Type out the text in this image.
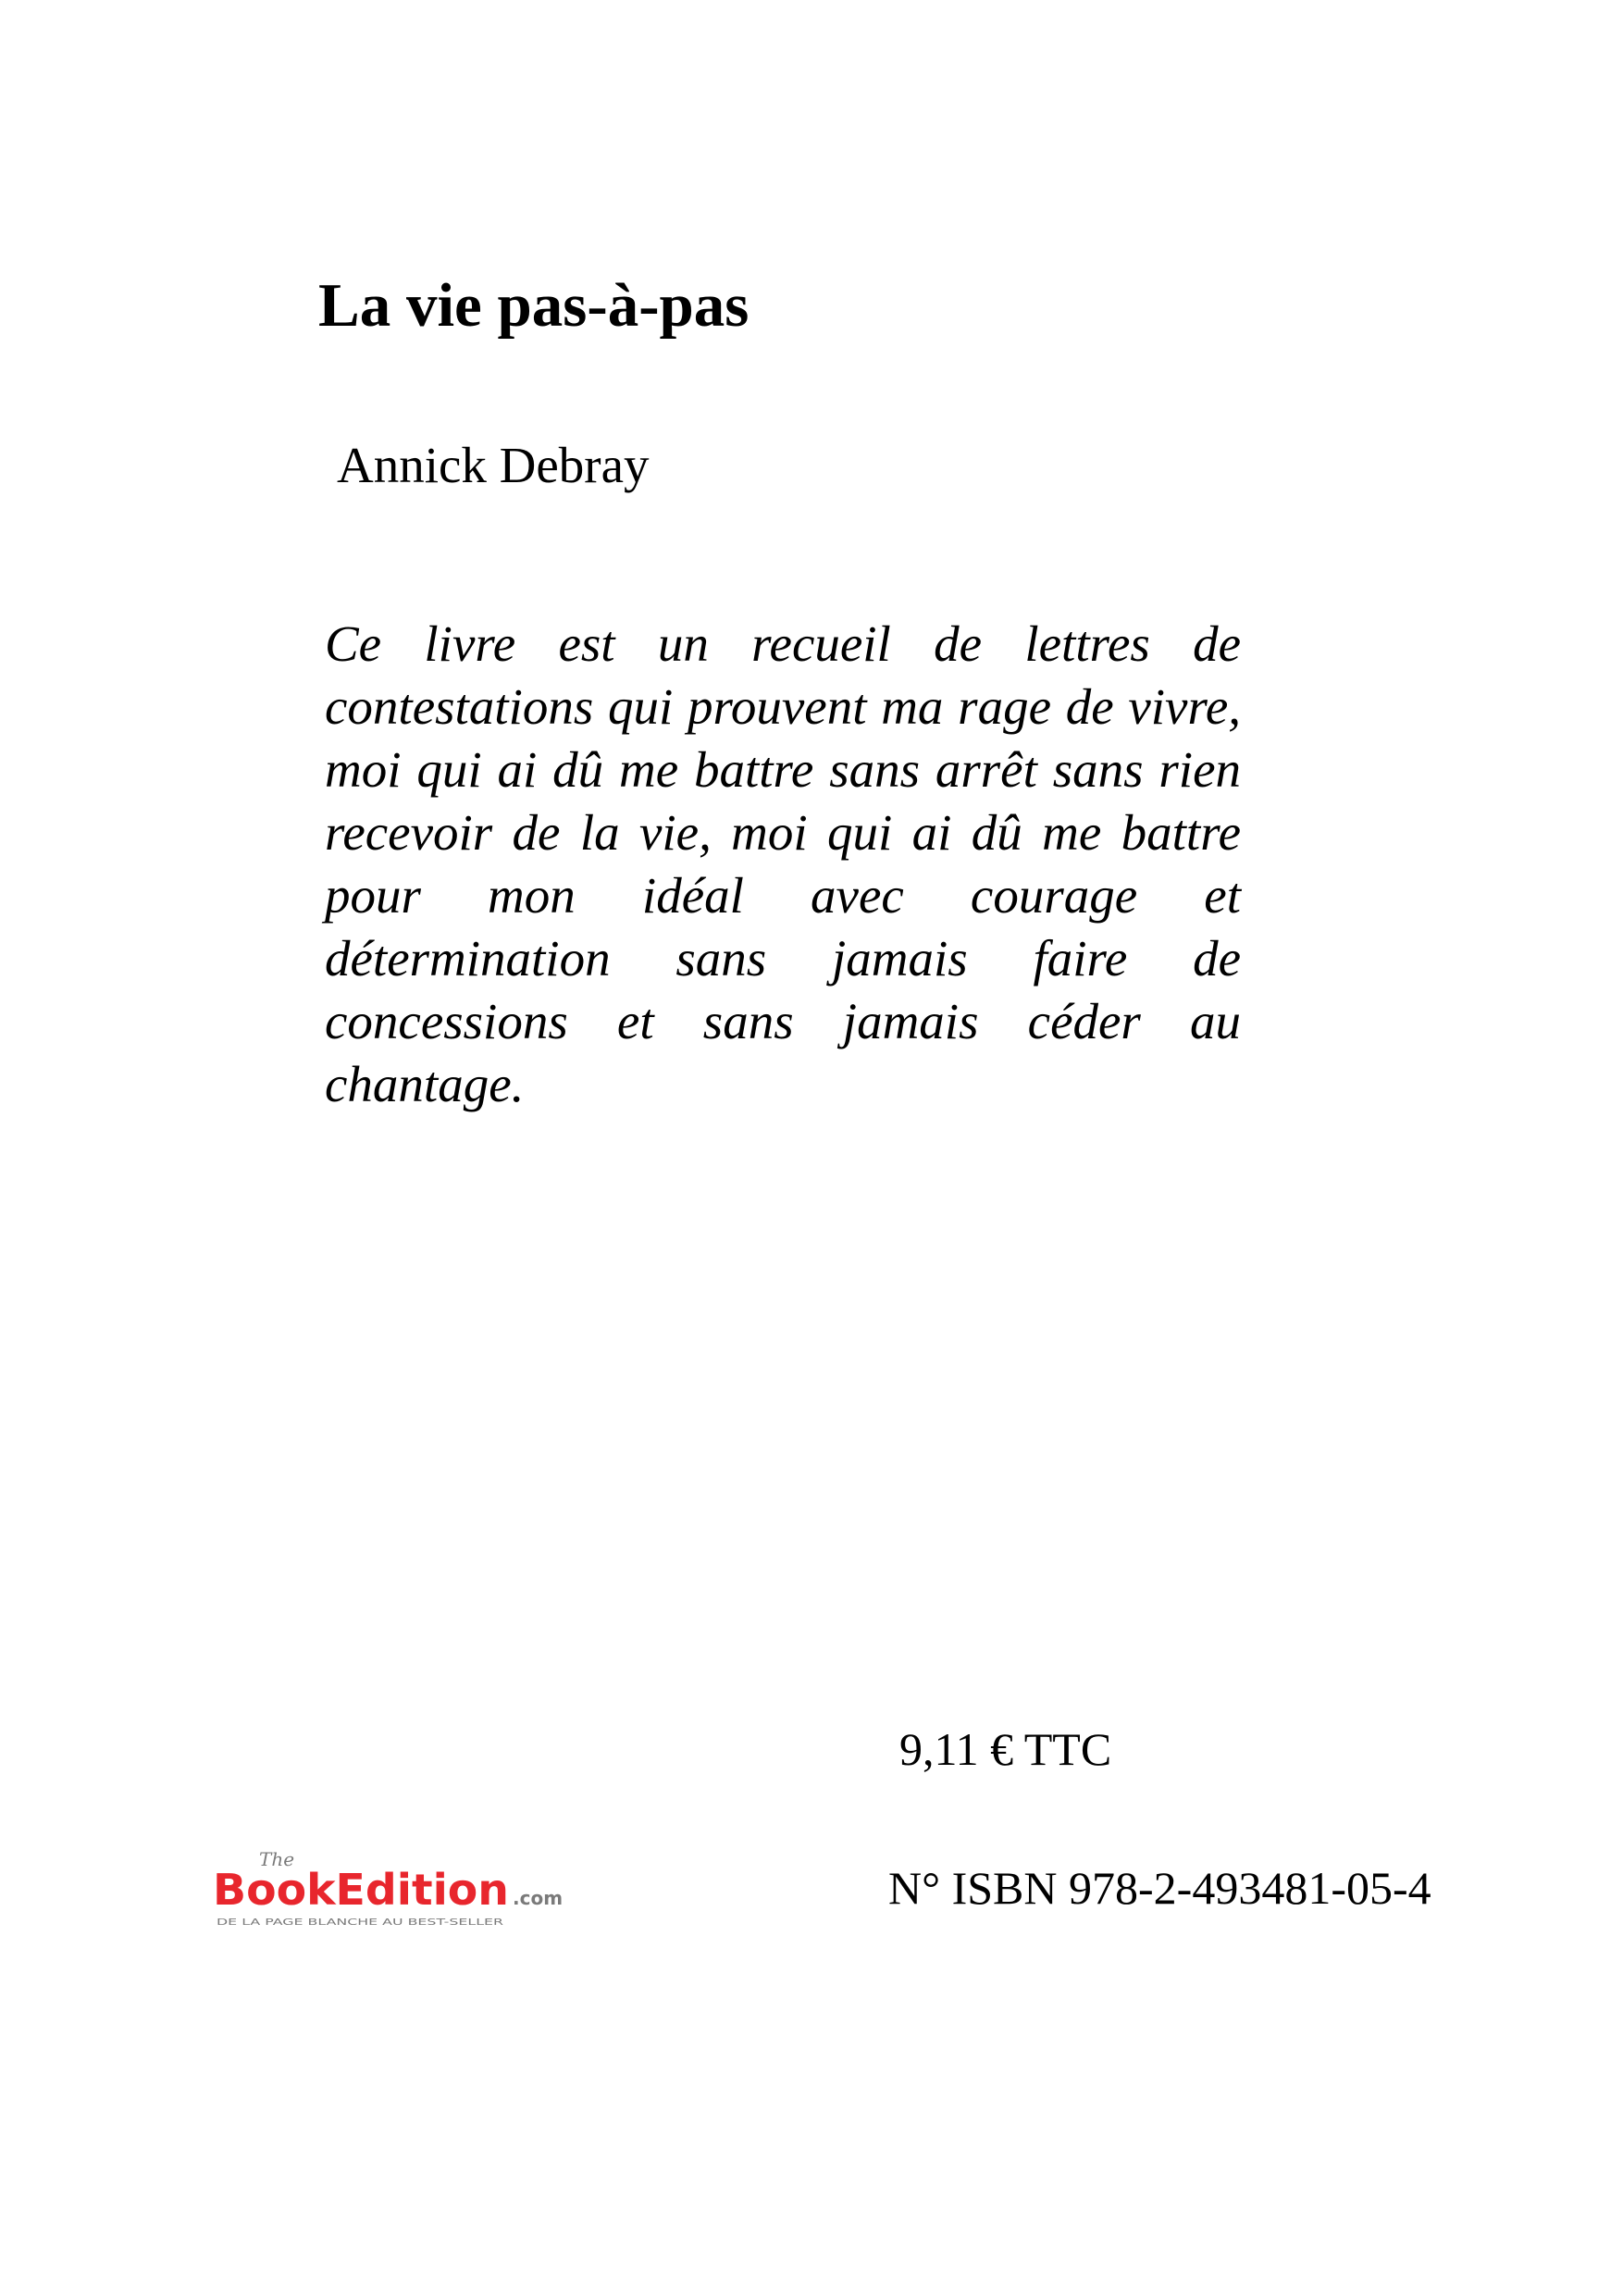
La vie pas-à-pas

Annick Debray

Ce livre est un recueil de lettres de contestations qui prouvent ma rage de vivre, moi qui ai dû me battre sans arrêt sans rien recevoir de la vie, moi qui ai dû me battre pour mon idéal avec courage et détermination sans jamais faire de concessions et sans jamais céder au chantage.

9,11 € TTC

The
BookEdition .com
DE LA PAGE BLANCHE AU BEST-SELLER

N° ISBN 978-2-493481-05-4
